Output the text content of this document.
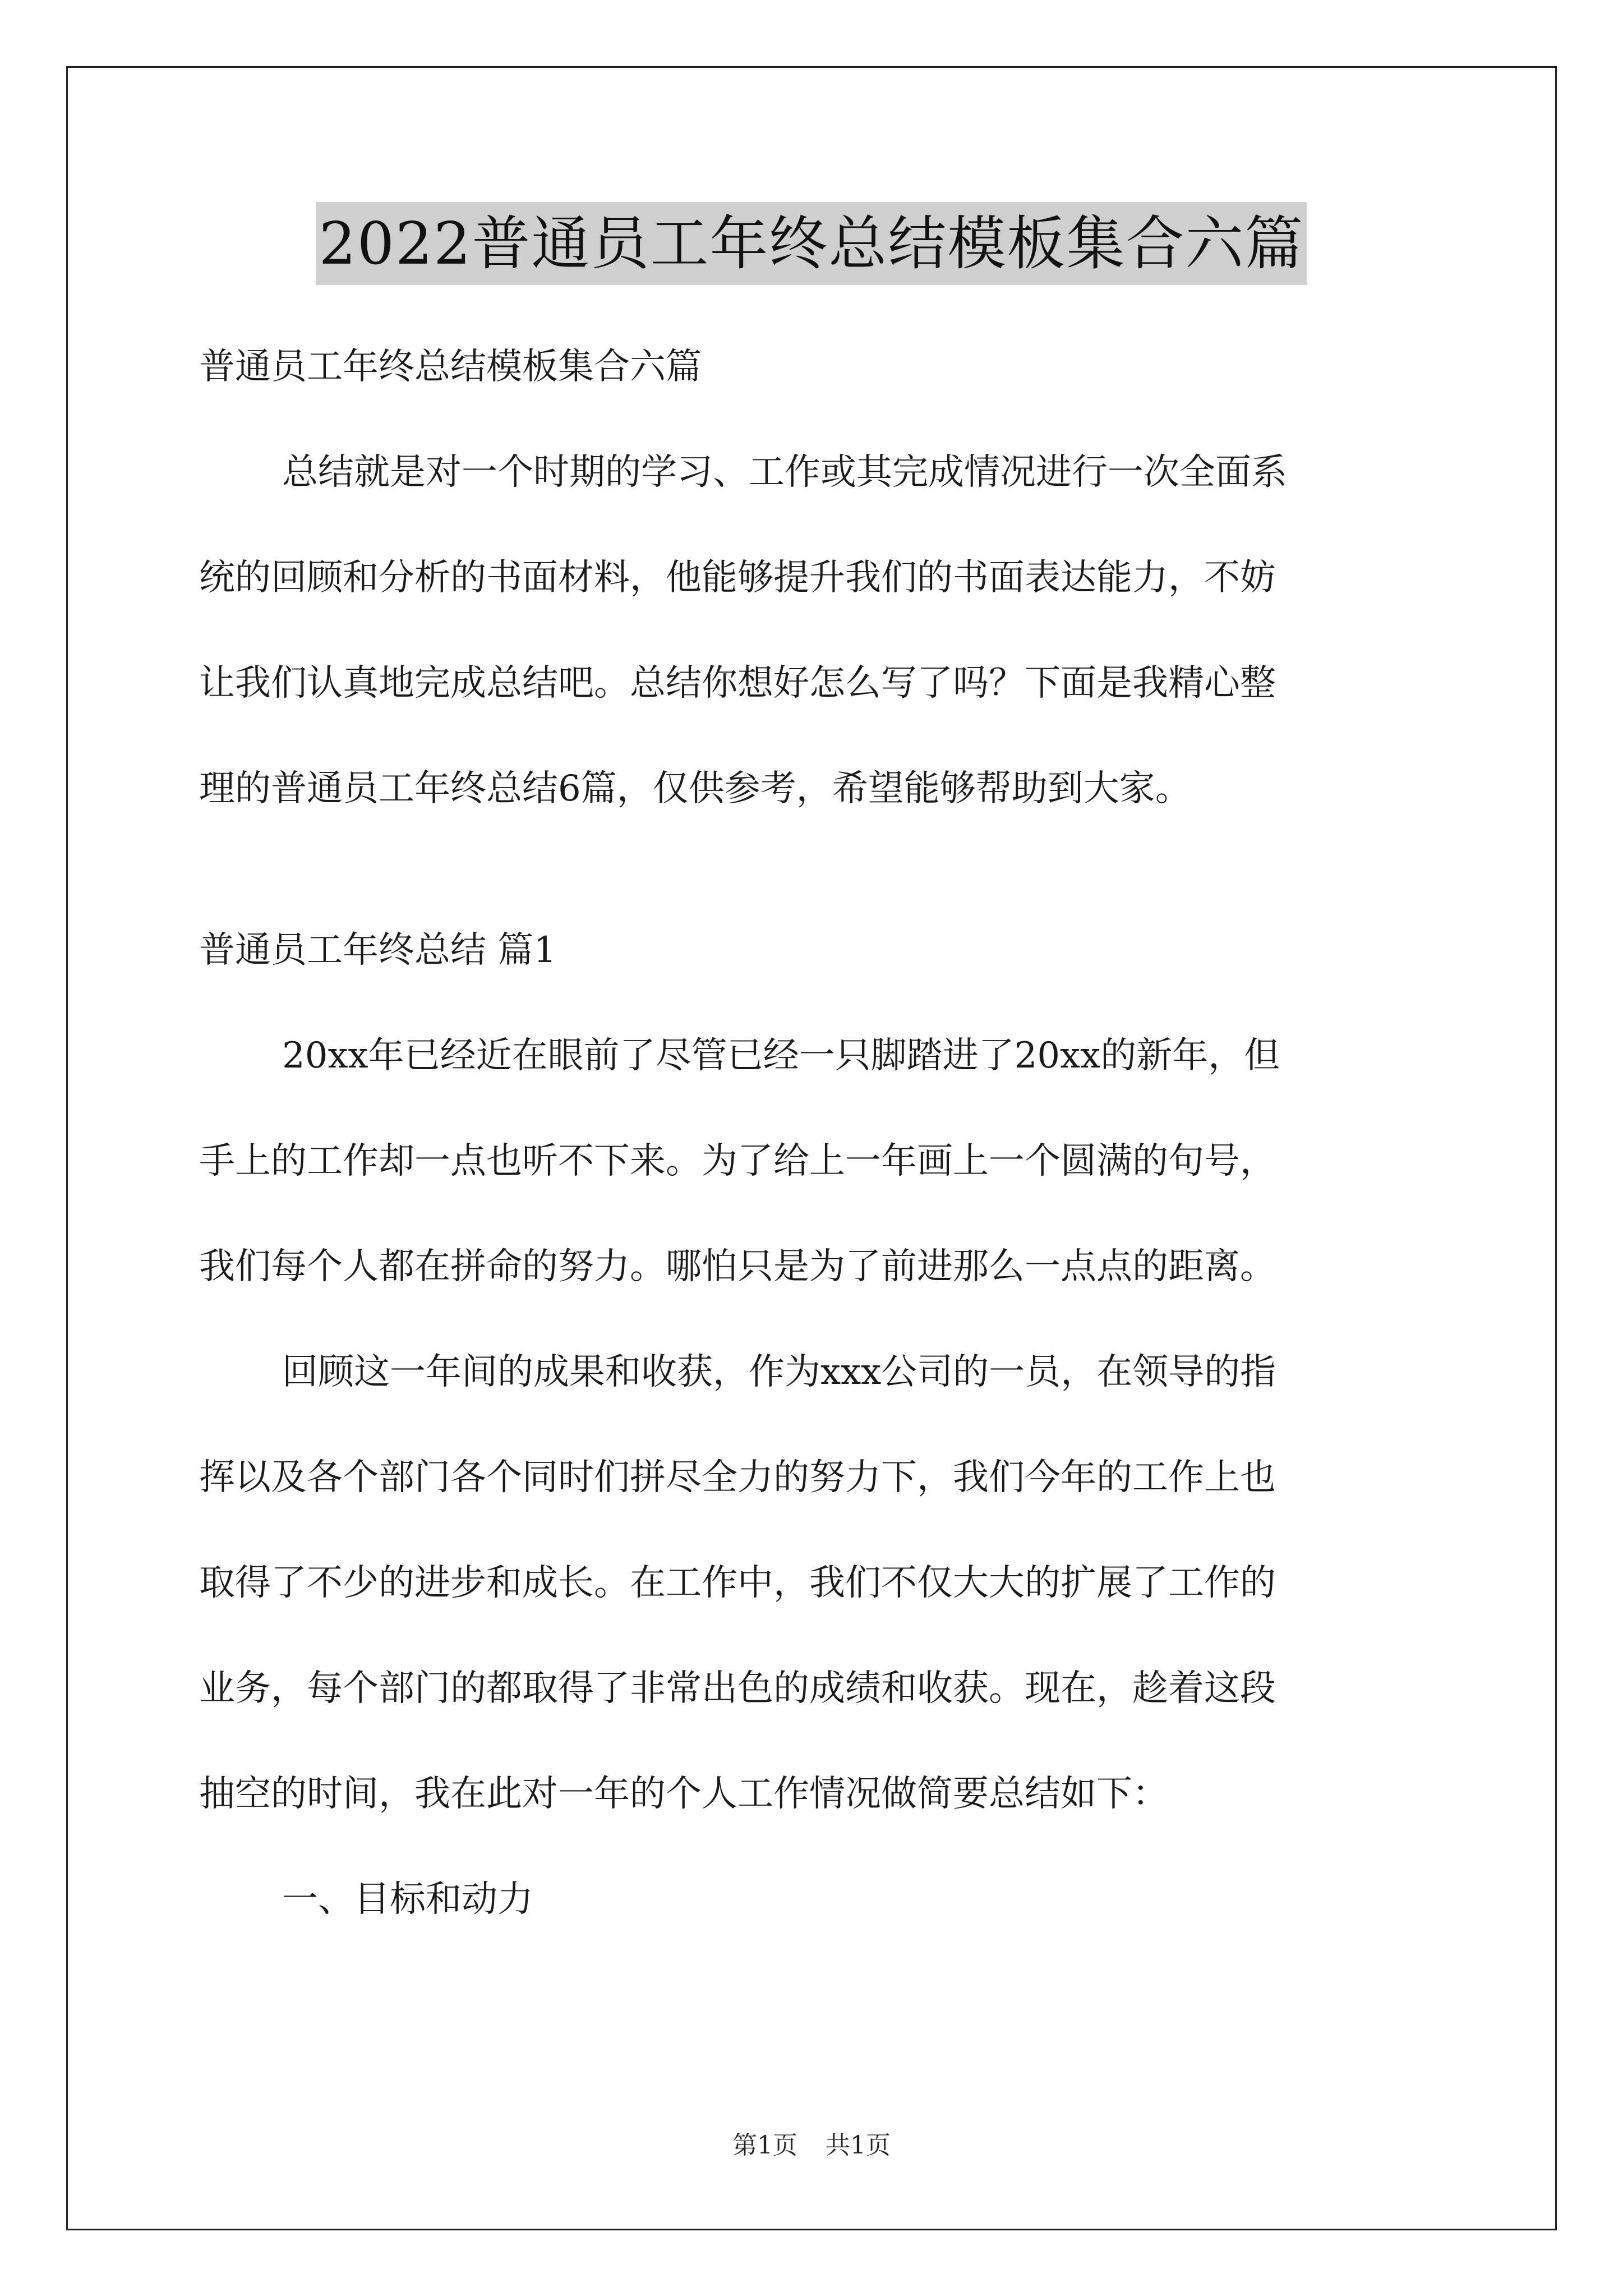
2022普通员工年终总结模板集合六篇
普通员工年终总结模板集合六篇
总结就是对一个时期的学习、工作或其完成情况进行一次全面系
统的回顾和分析的书面材料，他能够提升我们的书面表达能力，不妨
让我们认真地完成总结吧。总结你想好怎么写了吗？下面是我精心整
理的普通员工年终总结6篇，仅供参考，希望能够帮助到大家。
普通员工年终总结 篇1
20xx年已经近在眼前了尽管已经一只脚踏进了20xx的新年，但
手上的工作却一点也听不下来。为了给上一年画上一个圆满的句号，
我们每个人都在拼命的努力。哪怕只是为了前进那么一点点的距离。
回顾这一年间的成果和收获，作为xxx公司的一员，在领导的指
挥以及各个部门各个同时们拼尽全力的努力下，我们今年的工作上也
取得了不少的进步和成长。在工作中，我们不仅大大的扩展了工作的
业务，每个部门的都取得了非常出色的成绩和收获。现在，趁着这段
抽空的时间，我在此对一年的个人工作情况做简要总结如下：
一、目标和动力
第1页 共1页
